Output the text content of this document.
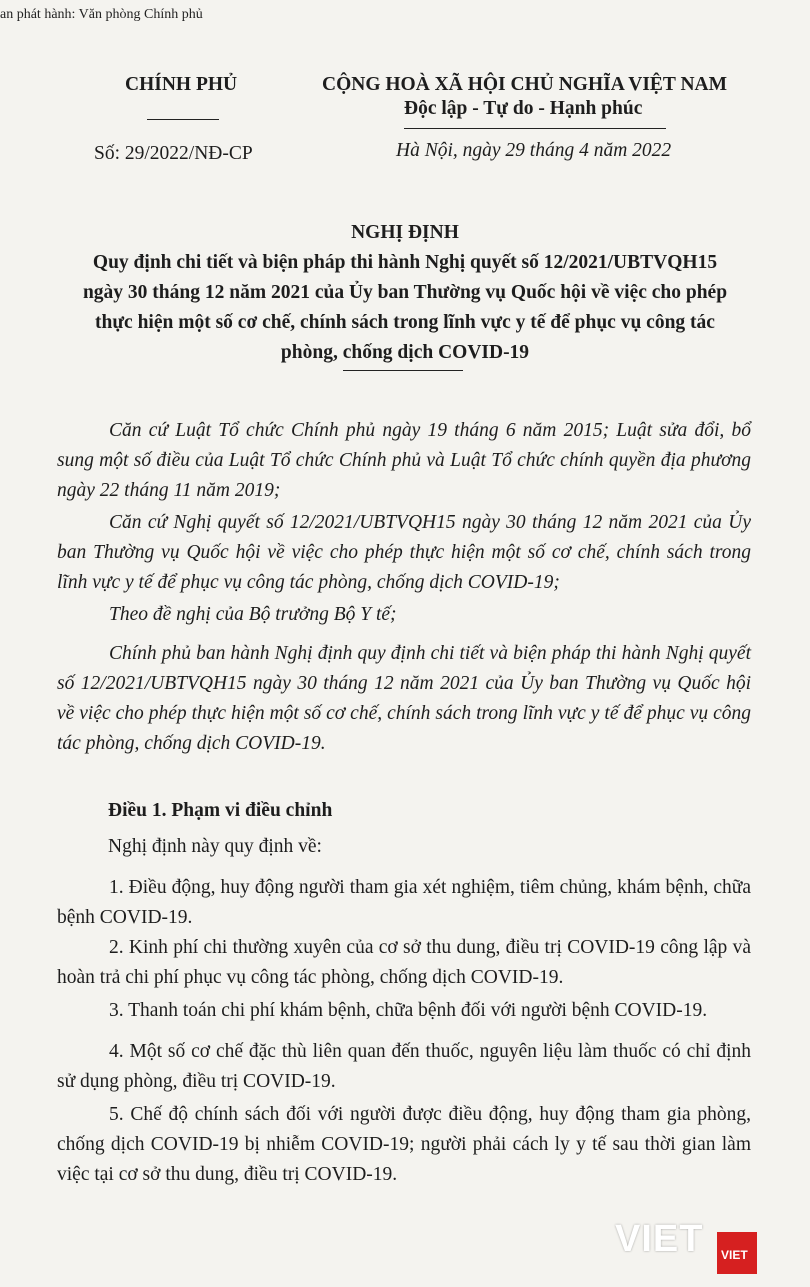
an phát hành: Văn phòng Chính phủ
CHÍNH PHỦ	CỘNG HOÀ XÃ HỘI CHỦ NGHĨA VIỆT NAM
Độc lập - Tự do - Hạnh phúc
Số: 29/2022/NĐ-CP	Hà Nội, ngày 29 tháng 4 năm 2022
NGHỊ ĐỊNH
Quy định chi tiết và biện pháp thi hành Nghị quyết số 12/2021/UBTVQH15
ngày 30 tháng 12 năm 2021 của Ủy ban Thường vụ Quốc hội về việc cho phép
thực hiện một số cơ chế, chính sách trong lĩnh vực y tế để phục vụ công tác
phòng, chống dịch COVID-19
Căn cứ Luật Tổ chức Chính phủ ngày 19 tháng 6 năm 2015; Luật sửa đổi, bổ sung một số điều của Luật Tổ chức Chính phủ và Luật Tổ chức chính quyền địa phương ngày 22 tháng 11 năm 2019;
Căn cứ Nghị quyết số 12/2021/UBTVQH15 ngày 30 tháng 12 năm 2021 của Ủy ban Thường vụ Quốc hội về việc cho phép thực hiện một số cơ chế, chính sách trong lĩnh vực y tế để phục vụ công tác phòng, chống dịch COVID-19;
Theo đề nghị của Bộ trưởng Bộ Y tế;
Chính phủ ban hành Nghị định quy định chi tiết và biện pháp thi hành Nghị quyết số 12/2021/UBTVQH15 ngày 30 tháng 12 năm 2021 của Ủy ban Thường vụ Quốc hội về việc cho phép thực hiện một số cơ chế, chính sách trong lĩnh vực y tế để phục vụ công tác phòng, chống dịch COVID-19.
Điều 1. Phạm vi điều chỉnh
Nghị định này quy định về:
1. Điều động, huy động người tham gia xét nghiệm, tiêm chủng, khám bệnh, chữa bệnh COVID-19.
2. Kinh phí chi thường xuyên của cơ sở thu dung, điều trị COVID-19 công lập và hoàn trả chi phí phục vụ công tác phòng, chống dịch COVID-19.
3. Thanh toán chi phí khám bệnh, chữa bệnh đối với người bệnh COVID-19.
4. Một số cơ chế đặc thù liên quan đến thuốc, nguyên liệu làm thuốc có chỉ định sử dụng phòng, điều trị COVID-19.
5. Chế độ chính sách đối với người được điều động, huy động tham gia phòng, chống dịch COVID-19 bị nhiễm COVID-19; người phải cách ly y tế sau thời gian làm việc tại cơ sở thu dung, điều trị COVID-19.
VIET VIET
